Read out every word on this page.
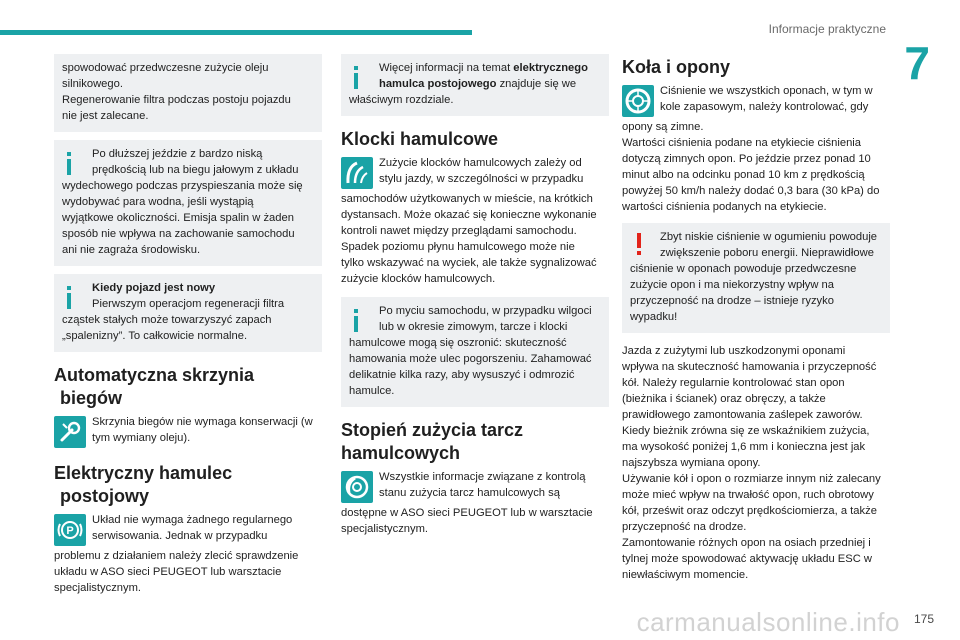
Informacje praktyczne
7

spowodować przedwczesne zużycie oleju

silnikowego.

Regenerowanie filtra podczas postoju pojazdu

nie jest zalecane.

Po dłuższej jeździe z bardzo niską

prędkością lub na biegu jałowym z układu

wydechowego podczas przyspieszania może się

wydobywać para wodna, jeśli wystąpią

wyjątkowe okoliczności. Emisja spalin w żaden

sposób nie wpływa na zachowanie samochodu

ani nie zagraża środowisku.

Kiedy pojazd jest nowy

Pierwszym operacjom regeneracji filtra

cząstek stałych może towarzyszyć zapach

„spalenizny”. To całkowicie normalne.

Automatyczna skrzynia
biegów

Skrzynia biegów nie wymaga konserwacji (w

tym wymiany oleju).

Elektryczny hamulec
postojowy
P

Układ nie wymaga żadnego regularnego

serwisowania. Jednak w przypadku

problemu z działaniem należy zlecić sprawdzenie

układu w ASO sieci PEUGEOT lub warsztacie

specjalistycznym.

Więcej informacji na temat elektrycznego

hamulca postojowego znajduje się we

właściwym rozdziale.

Klocki hamulcowe

Zużycie klocków hamulcowych zależy od

stylu jazdy, w szczególności w przypadku

samochodów użytkowanych w mieście, na krótkich

dystansach. Może okazać się konieczne wykonanie

kontroli nawet między przeglądami samochodu.

Spadek poziomu płynu hamulcowego może nie

tylko wskazywać na wyciek, ale także sygnalizować

zużycie klocków hamulcowych.

Po myciu samochodu, w przypadku wilgoci

lub w okresie zimowym, tarcze i klocki

hamulcowe mogą się oszronić: skuteczność

hamowania może ulec pogorszeniu. Zahamować

delikatnie kilka razy, aby wysuszyć i odmrozić

hamulce.

Stopień zużycia tarcz
hamulcowych

Wszystkie informacje związane z kontrolą

stanu zużycia tarcz hamulcowych są

dostępne w ASO sieci PEUGEOT lub w warsztacie

specjalistycznym.

Koła i opony

Ciśnienie we wszystkich oponach, w tym w

kole zapasowym, należy kontrolować, gdy

opony są zimne.

Wartości ciśnienia podane na etykiecie ciśnienia

dotyczą zimnych opon. Po jeździe przez ponad 10

minut albo na odcinku ponad 10 km z prędkością

powyżej 50 km/h należy dodać 0,3 bara (30 kPa) do

wartości ciśnienia podanych na etykiecie.

Zbyt niskie ciśnienie w ogumieniu powoduje

zwiększenie poboru energii. Nieprawidłowe

ciśnienie w oponach powoduje przedwczesne

zużycie opon i ma niekorzystny wpływ na

przyczepność na drodze – istnieje ryzyko

wypadku!

Jazda z zużytymi lub uszkodzonymi oponami

wpływa na skuteczność hamowania i przyczepność

kół. Należy regularnie kontrolować stan opon

(bieżnika i ścianek) oraz obręczy, a także

prawidłowego zamontowania zaślepek zaworów.

Kiedy bieżnik zrówna się ze wskaźnikiem zużycia,

ma wysokość poniżej 1,6 mm i konieczna jest jak

najszybsza wymiana opony.

Używanie kół i opon o rozmiarze innym niż zalecany

może mieć wpływ na trwałość opon, ruch obrotowy

kół, prześwit oraz odczyt prędkościomierza, a także

przyczepność na drodze.

Zamontowanie różnych opon na osiach przedniej i

tylnej może spowodować aktywację układu ESC w

niewłaściwym momencie.

carmanualsonline.info 175
